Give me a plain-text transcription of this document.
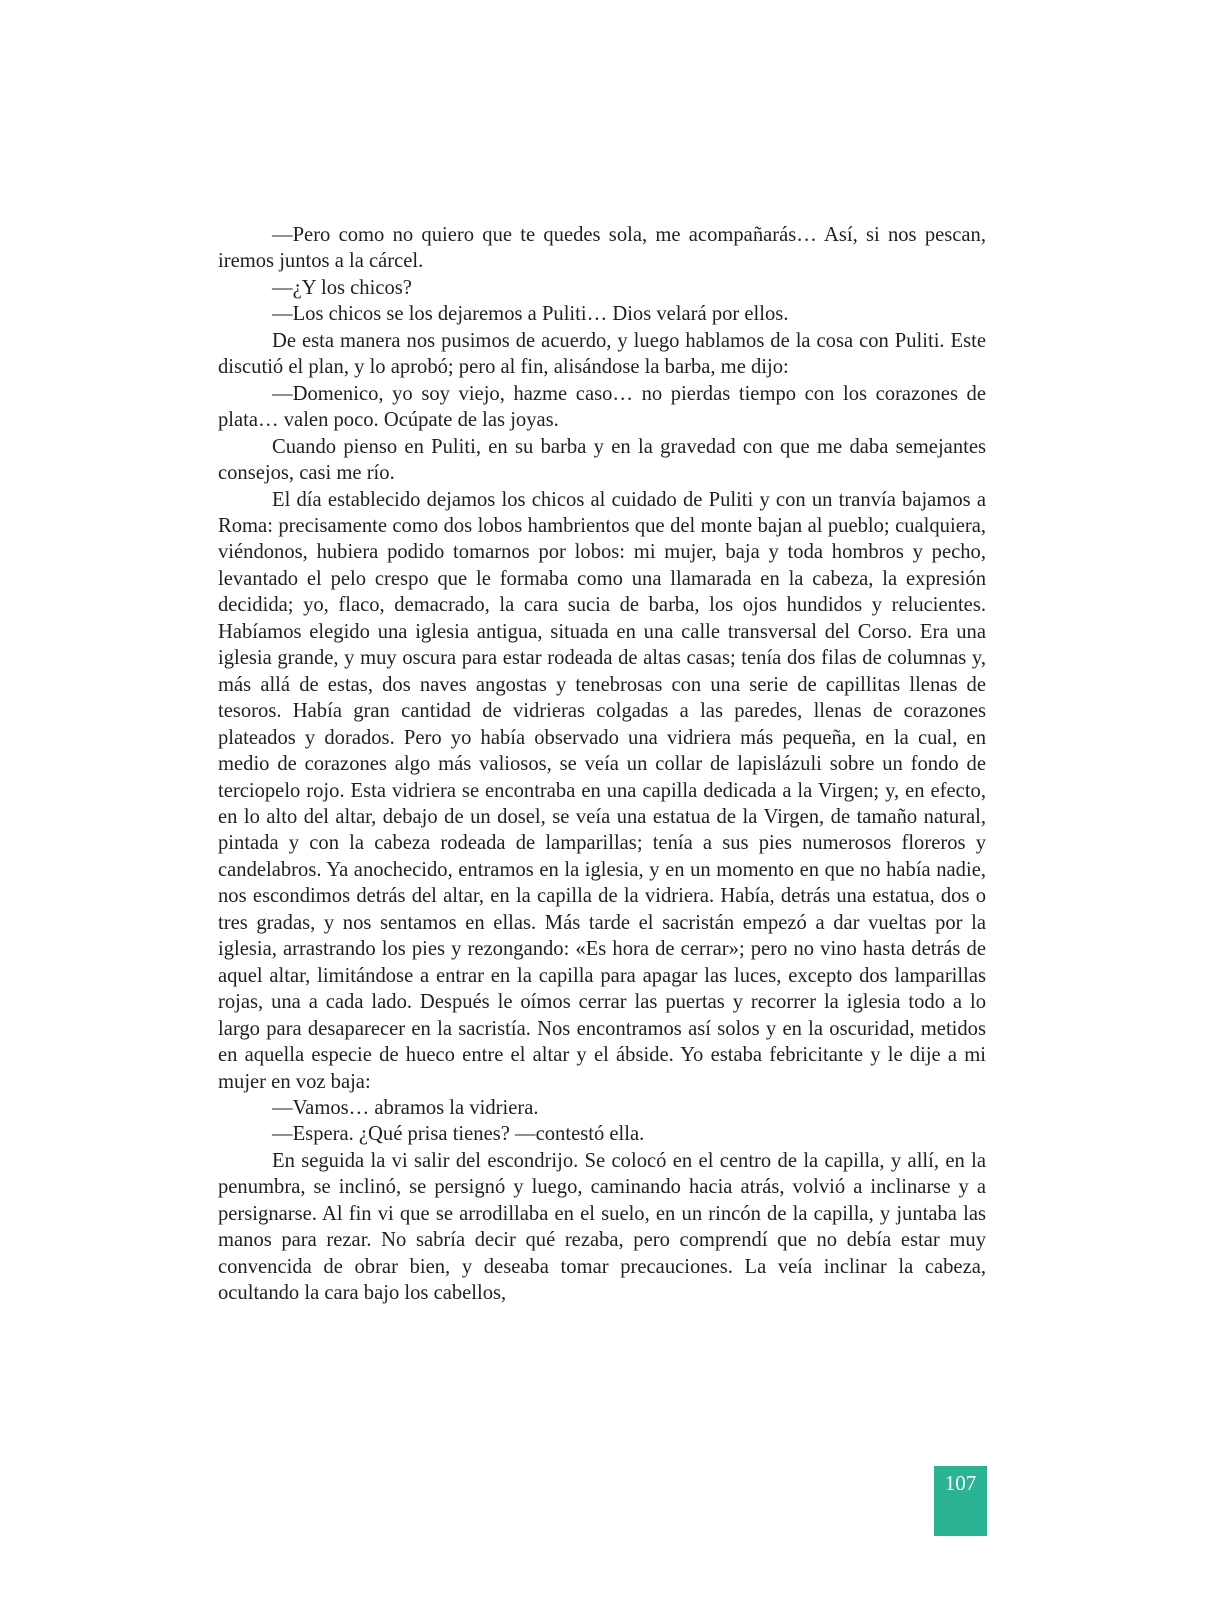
—Pero como no quiero que te quedes sola, me acompañarás… Así, si nos pescan, iremos juntos a la cárcel.

—¿Y los chicos?

—Los chicos se los dejaremos a Puliti… Dios velará por ellos.

De esta manera nos pusimos de acuerdo, y luego hablamos de la cosa con Puliti. Este discutió el plan, y lo aprobó; pero al fin, alisándose la barba, me dijo:

—Domenico, yo soy viejo, hazme caso… no pierdas tiempo con los corazones de plata… valen poco. Ocúpate de las joyas.

Cuando pienso en Puliti, en su barba y en la gravedad con que me daba semejantes consejos, casi me río.

El día establecido dejamos los chicos al cuidado de Puliti y con un tranvía bajamos a Roma: precisamente como dos lobos hambrientos que del monte bajan al pueblo; cualquiera, viéndonos, hubiera podido tomarnos por lobos: mi mujer, baja y toda hombros y pecho, levantado el pelo crespo que le formaba como una llamarada en la cabeza, la expresión decidida; yo, flaco, demacrado, la cara sucia de barba, los ojos hundidos y relucientes. Habíamos elegido una iglesia antigua, situada en una calle transversal del Corso. Era una iglesia grande, y muy oscura para estar rodeada de altas casas; tenía dos filas de columnas y, más allá de estas, dos naves angostas y tenebrosas con una serie de capillitas llenas de tesoros. Había gran cantidad de vidrieras colgadas a las paredes, llenas de corazones plateados y dorados. Pero yo había observado una vidriera más pequeña, en la cual, en medio de corazones algo más valiosos, se veía un collar de lapislázuli sobre un fondo de terciopelo rojo. Esta vidriera se encontraba en una capilla dedicada a la Virgen; y, en efecto, en lo alto del altar, debajo de un dosel, se veía una estatua de la Virgen, de tamaño natural, pintada y con la cabeza rodeada de lamparillas; tenía a sus pies numerosos floreros y candelabros. Ya anochecido, entramos en la iglesia, y en un momento en que no había nadie, nos escondimos detrás del altar, en la capilla de la vidriera. Había, detrás una estatua, dos o tres gradas, y nos sentamos en ellas. Más tarde el sacristán empezó a dar vueltas por la iglesia, arrastrando los pies y rezongando: «Es hora de cerrar»; pero no vino hasta detrás de aquel altar, limitándose a entrar en la capilla para apagar las luces, excepto dos lamparillas rojas, una a cada lado. Después le oímos cerrar las puertas y recorrer la iglesia todo a lo largo para desaparecer en la sacristía. Nos encontramos así solos y en la oscuridad, metidos en aquella especie de hueco entre el altar y el ábside. Yo estaba febricitante y le dije a mi mujer en voz baja:

—Vamos… abramos la vidriera.

—Espera. ¿Qué prisa tienes? —contestó ella.

En seguida la vi salir del escondrijo. Se colocó en el centro de la capilla, y allí, en la penumbra, se inclinó, se persignó y luego, caminando hacia atrás, volvió a inclinarse y a persignarse. Al fin vi que se arrodillaba en el suelo, en un rincón de la capilla, y juntaba las manos para rezar. No sabría decir qué rezaba, pero comprendí que no debía estar muy convencida de obrar bien, y deseaba tomar precauciones. La veía inclinar la cabeza, ocultando la cara bajo los cabellos,

107
